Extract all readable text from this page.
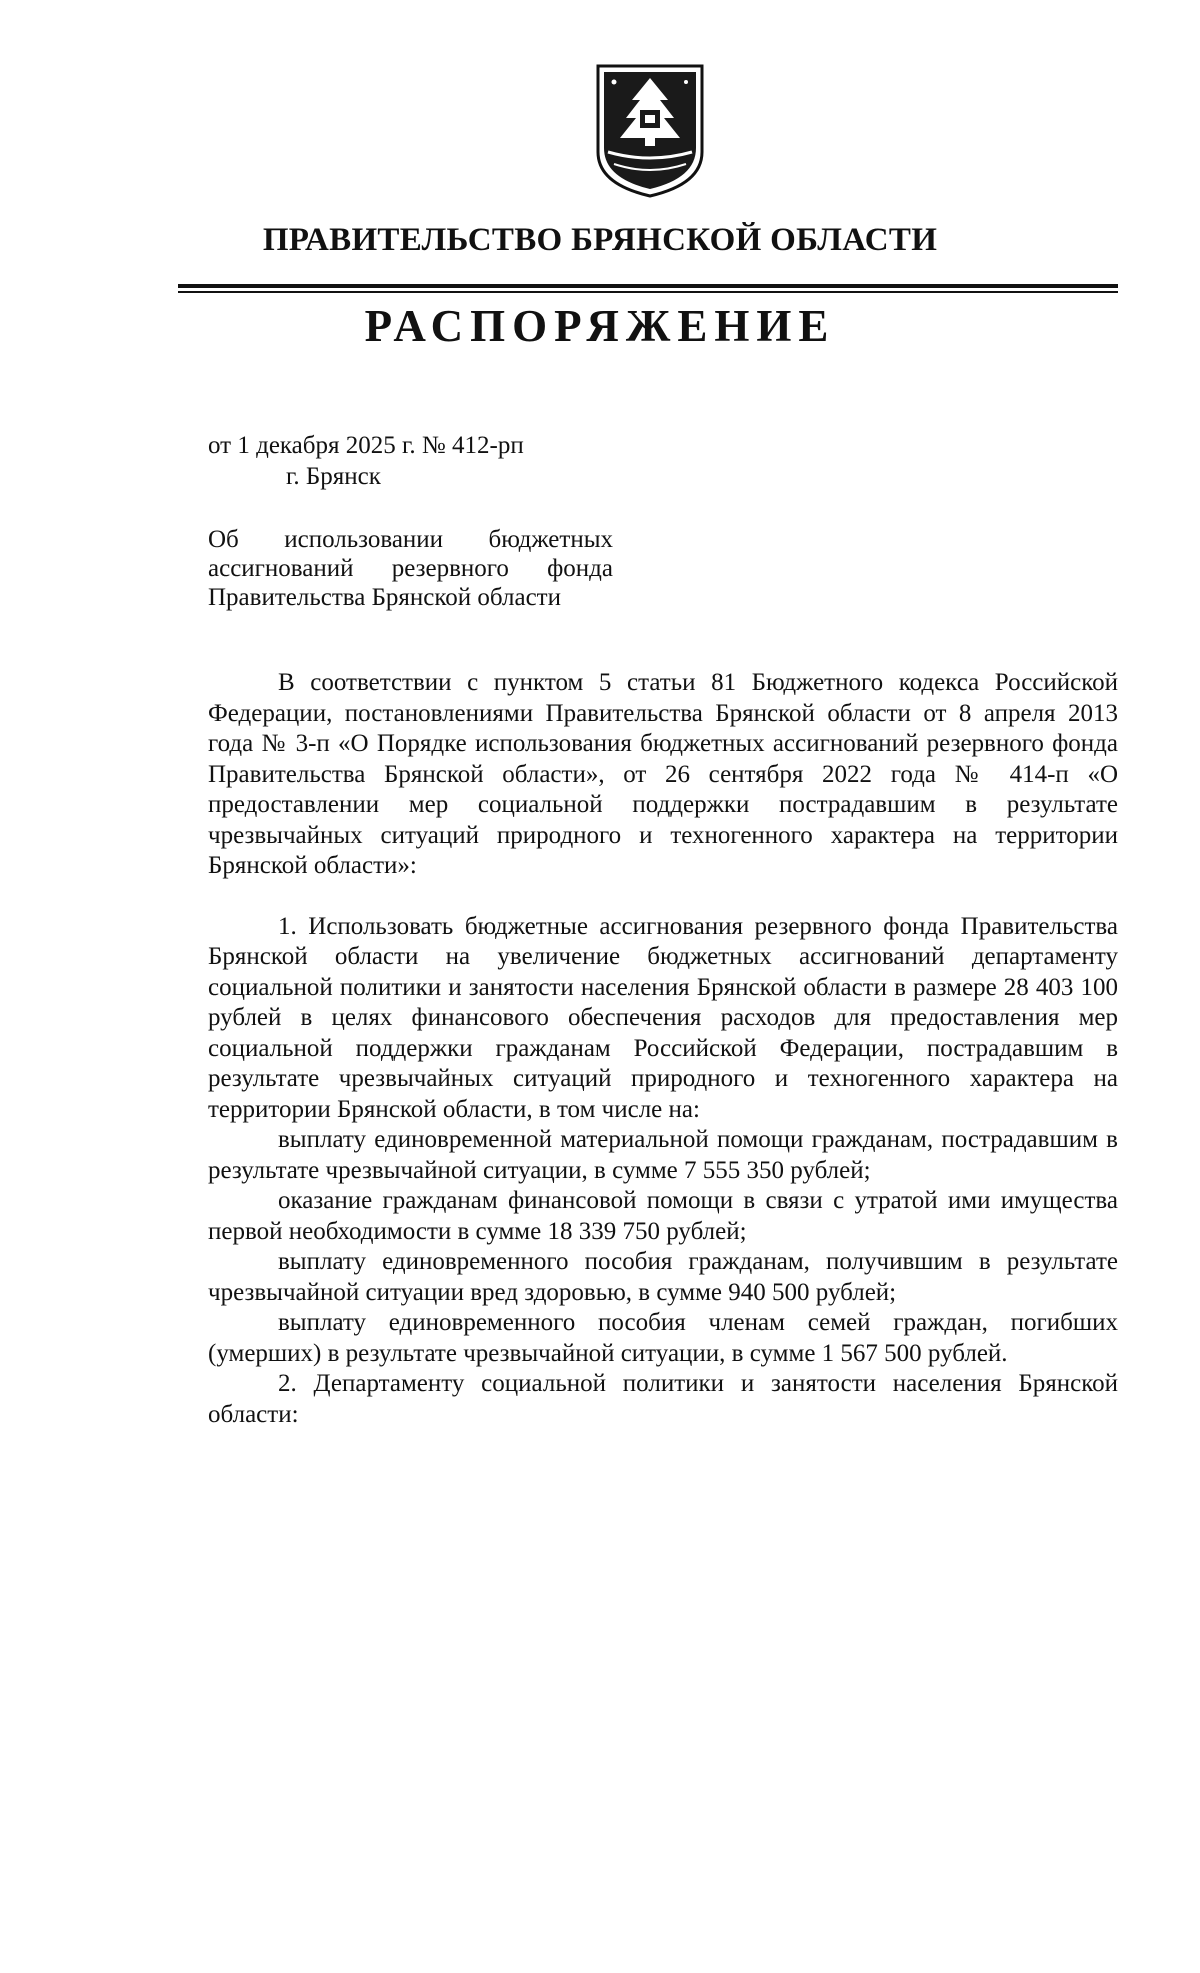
ПРАВИТЕЛЬСТВО БРЯНСКОЙ ОБЛАСТИ
РАСПОРЯЖЕНИЕ
от 1 декабря 2025 г. № 412-рп
г. Брянск
Об использовании бюджетных
ассигнований резервного фонда
Правительства Брянской области

В соответствии с пунктом 5 статьи 81 Бюджетного кодекса Российской Федерации, постановлениями Правительства Брянской области от 8 апреля 2013 года № 3-п «О Порядке использования бюджетных ассигнований резервного фонда Правительства Брянской области», от 26 сентября 2022 года № 414-п «О предоставлении мер социальной поддержки пострадавшим в результате чрезвычайных ситуаций природного и техногенного характера на территории Брянской области»:

1. Использовать бюджетные ассигнования резервного фонда Правительства Брянской области на увеличение бюджетных ассигнований департаменту социальной политики и занятости населения Брянской области в размере 28 403 100 рублей в целях финансового обеспечения расходов для предоставления мер социальной поддержки гражданам Российской Федерации, пострадавшим в результате чрезвычайных ситуаций природного и техногенного характера на территории Брянской области, в том числе на:

выплату единовременной материальной помощи гражданам, пострадавшим в результате чрезвычайной ситуации, в сумме 7 555 350 рублей;

оказание гражданам финансовой помощи в связи с утратой ими имущества первой необходимости в сумме 18 339 750 рублей;

выплату единовременного пособия гражданам, получившим в результате чрезвычайной ситуации вред здоровью, в сумме 940 500 рублей;

выплату единовременного пособия членам семей граждан, погибших (умерших) в результате чрезвычайной ситуации, в сумме 1 567 500 рублей.

2. Департаменту социальной политики и занятости населения Брянской области:
